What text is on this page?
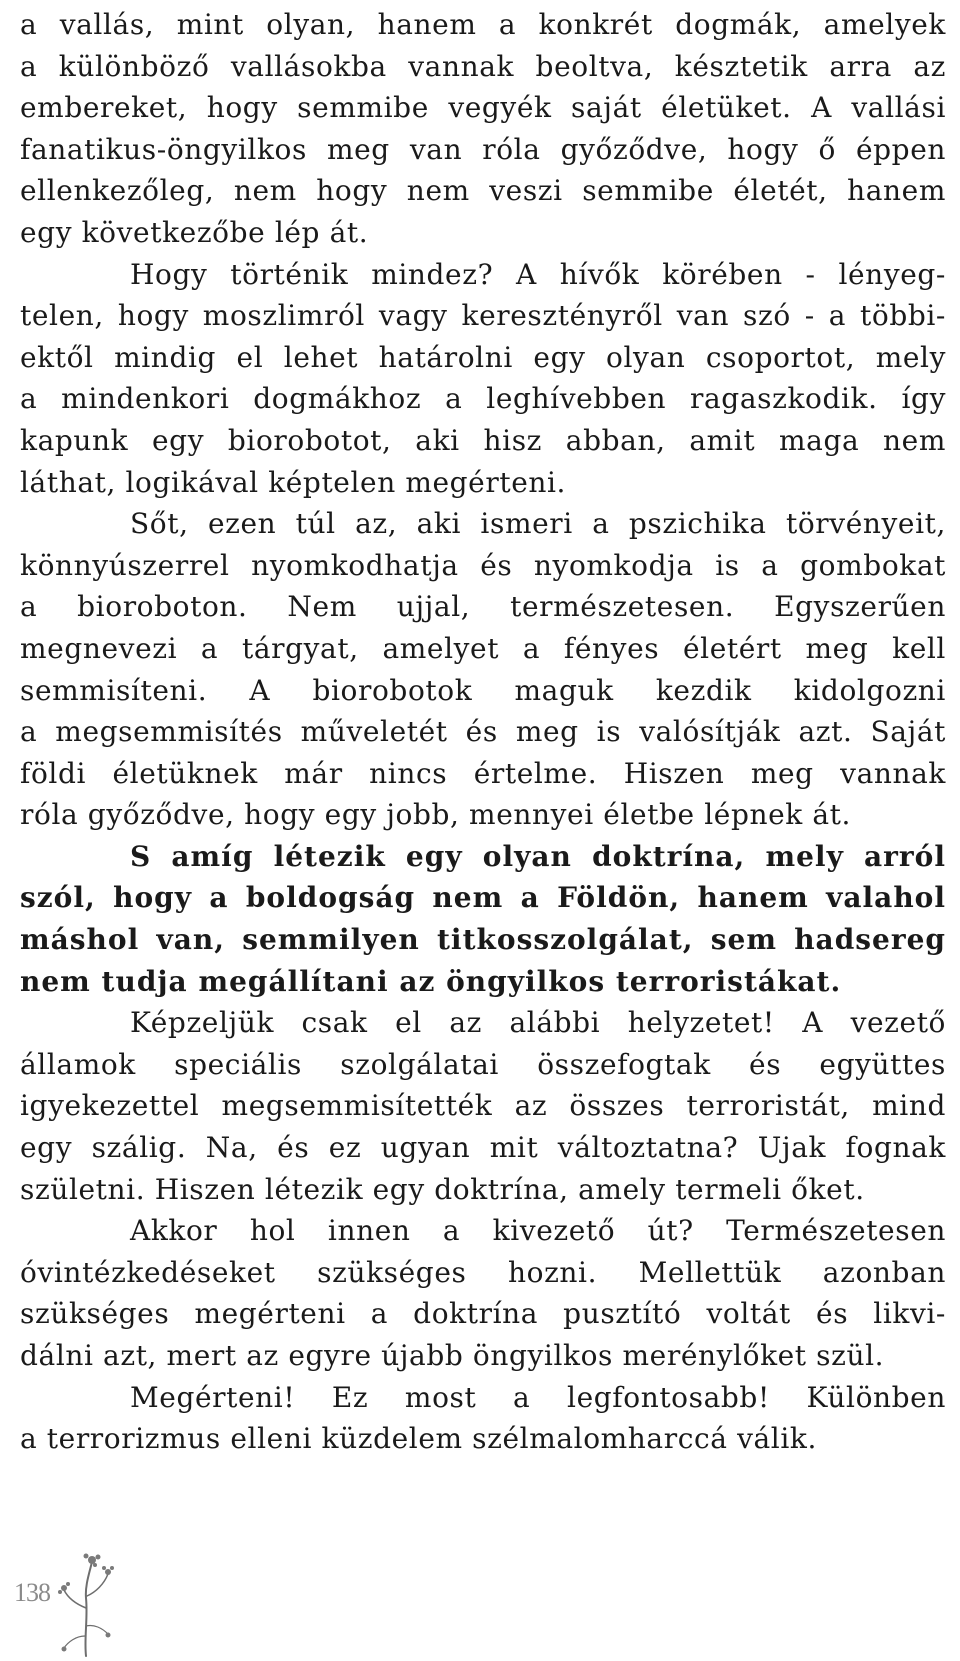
a vallás, mint olyan, hanem a konkrét dogmák, amelyek
a különböző vallásokba vannak beoltva, késztetik arra az
embereket, hogy semmibe vegyék saját életüket. A vallási
fanatikus-öngyilkos meg van róla győződve, hogy ő éppen
ellenkezőleg, nem hogy nem veszi semmibe életét, hanem
egy következőbe lép át.
Hogy történik mindez? A hívők körében - lényeg-
telen, hogy moszlimról vagy keresztényről van szó - a többi-
ektől mindig el lehet határolni egy olyan csoportot, mely
a mindenkori dogmákhoz a leghívebben ragaszkodik. így
kapunk egy biorobotot, aki hisz abban, amit maga nem
láthat, logikával képtelen megérteni.
Sőt, ezen túl az, aki ismeri a pszichika törvényeit,
könnyúszerrel nyomkodhatja és nyomkodja is a gombokat
a bioroboton. Nem ujjal, természetesen. Egyszerűen
megnevezi a tárgyat, amelyet a fényes életért meg kell
semmisíteni. A biorobotok maguk kezdik kidolgozni
a megsemmisítés műveletét és meg is valósítják azt. Saját
földi életüknek már nincs értelme. Hiszen meg vannak
róla győződve, hogy egy jobb, mennyei életbe lépnek át.
S amíg létezik egy olyan doktrína, mely arról
szól, hogy a boldogság nem a Földön, hanem valahol
máshol van, semmilyen titkosszolgálat, sem hadsereg
nem tudja megállítani az öngyilkos terroristákat.
Képzeljük csak el az alábbi helyzetet! A vezető
államok speciális szolgálatai összefogtak és együttes
igyekezettel megsemmisítették az összes terroristát, mind
egy szálig. Na, és ez ugyan mit változtatna? Ujak fognak
születni. Hiszen létezik egy doktrína, amely termeli őket.
Akkor hol innen a kivezető út? Természetesen
óvintézkedéseket szükséges hozni. Mellettük azonban
szükséges megérteni a doktrína pusztító voltát és likvi-
dálni azt, mert az egyre újabb öngyilkos merénylőket szül.
Megérteni! Ez most a legfontosabb! Különben
a terrorizmus elleni küzdelem szélmalomharccá válik.
138
